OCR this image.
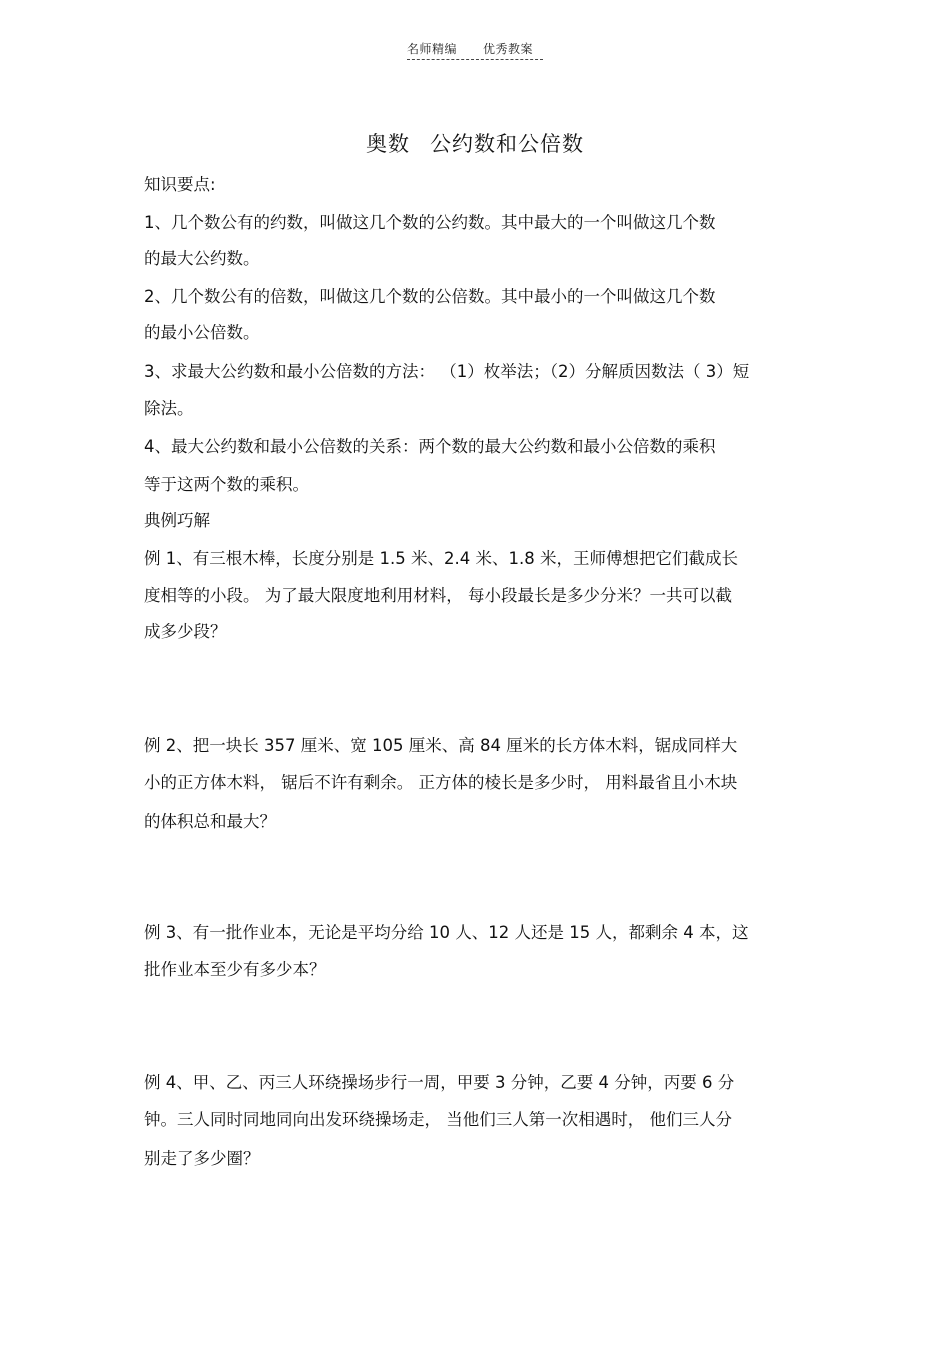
名师精编 优秀教案
奥数 公约数和公倍数
知识要点:
1、几个数公有的约数，叫做这几个数的公约数。其中最大的一个叫做这几个数
的最大公约数。
2、几个数公有的倍数，叫做这几个数的公倍数。其中最小的一个叫做这几个数
的最小公倍数。
3、求最大公约数和最小公倍数的方法： （1）枚举法；（2）分解质因数法（ 3）短
除法。
4、最大公约数和最小公倍数的关系：两个数的最大公约数和最小公倍数的乘积
等于这两个数的乘积。
典例巧解
例 1、有三根木棒，长度分别是 1.5 米、2.4 米、1.8 米，王师傅想把它们截成长
度相等的小段。 为了最大限度地利用材料， 每小段最长是多少分米？一共可以截
成多少段？
例 2、把一块长 357 厘米、宽 105 厘米、高 84 厘米的长方体木料，锯成同样大
小的正方体木料， 锯后不许有剩余。 正方体的棱长是多少时， 用料最省且小木块
的体积总和最大？
例 3、有一批作业本，无论是平均分给 10 人、12 人还是 15 人，都剩余 4 本，这
批作业本至少有多少本？
例 4、甲、乙、丙三人环绕操场步行一周，甲要 3 分钟，乙要 4 分钟，丙要 6 分
钟。三人同时同地同向出发环绕操场走， 当他们三人第一次相遇时， 他们三人分
别走了多少圈？
